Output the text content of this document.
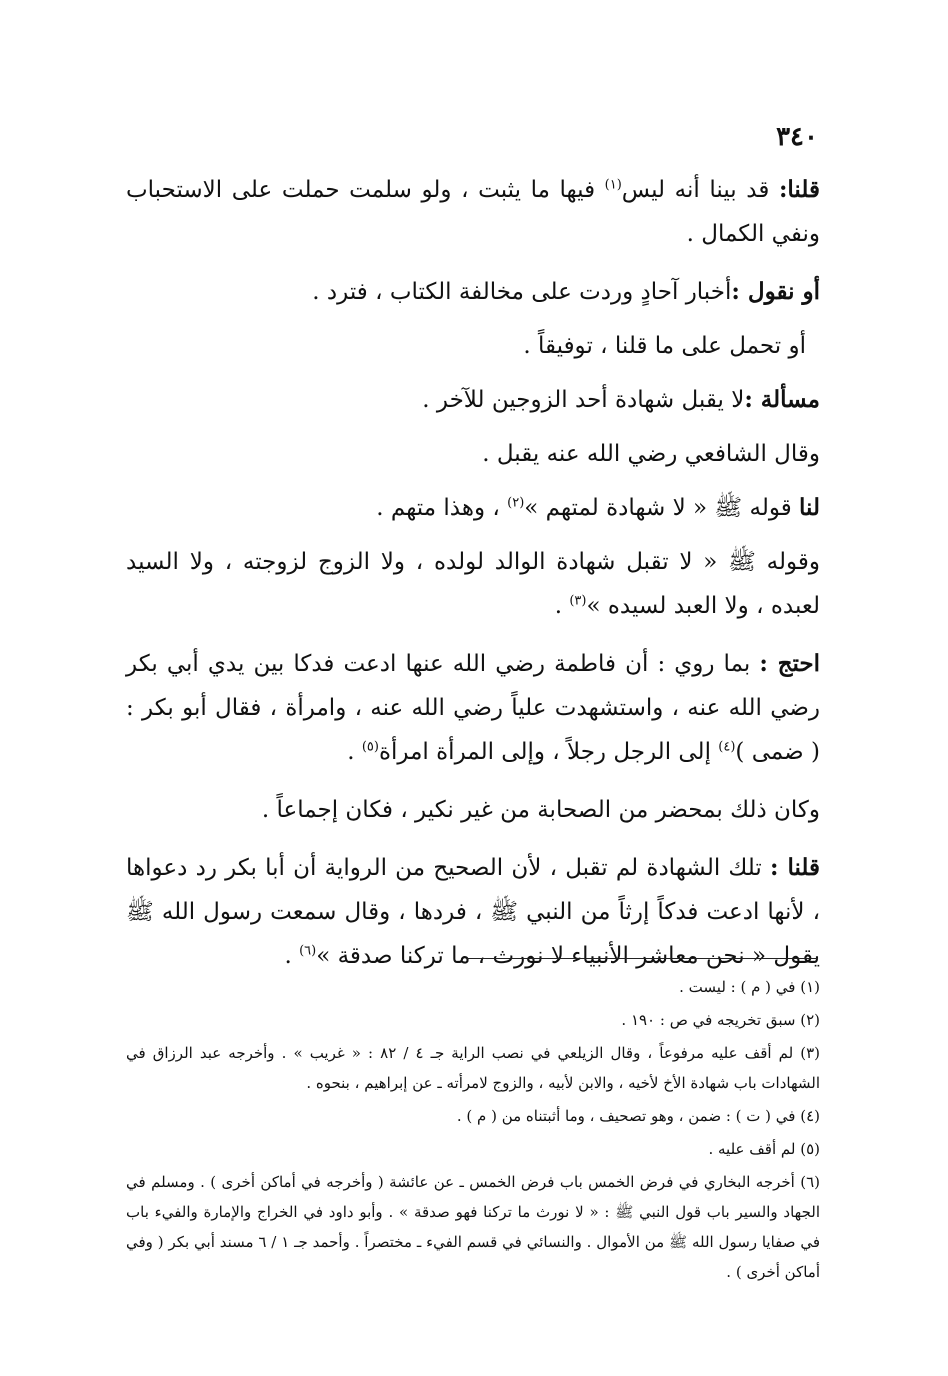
٣٤٠

قلنا: قد بينا أنه ليس$^{(١)}$ فيها ما يثبت ، ولو سلمت حملت على الاستحباب ونفي الكمال .

أو نقول :أخبار آحادٍ وردت على مخالفة الكتاب ، فترد .

أو تحمل على ما قلنا ، توفيقاً .

مسألة :لا يقبل شهادة أحد الزوجين للآخر .

وقال الشافعي رضي الله عنه يقبل .

لنا قوله ﷺ « لا شهادة لمتهم »$^{(٢)}$ ، وهذا متهم .

وقوله ﷺ « لا تقبل شهادة الوالد لولده ، ولا الزوج لزوجته ، ولا السيد لعبده ، ولا العبد لسيده »$^{(٣)}$ .

احتج : بما روي : أن فاطمة رضي الله عنها ادعت فدكا بين يدي أبي بكر رضي الله عنه ، واستشهدت علياً رضي الله عنه ، وامرأة ، فقال أبو بكر : ( ضمى )$^{(٤)}$ إلى الرجل رجلاً ، وإلى المرأة امرأة$^{(٥)}$ .

وكان ذلك بمحضر من الصحابة من غير نكير ، فكان إجماعاً .

قلنا : تلك الشهادة لم تقبل ، لأن الصحيح من الرواية أن أبا بكر رد دعواها ، لأنها ادعت فدكاً إرثاً من النبي ﷺ ، فردها ، وقال سمعت رسول الله ﷺ يقول « نحن معاشر الأنبياء لا نورث ، ما تركنا صدقة »$^{(٦)}$ .

(١) في ( م ) : ليست .

(٢) سبق تخريجه في ص : ١٩٠ .

(٣) لم أقف عليه مرفوعاً ، وقال الزيلعي في نصب الراية جـ ٤ / ٨٢ : « غريب » . وأخرجه عبد الرزاق في الشهادات باب شهادة الأخ لأخيه ، والابن لأبيه ، والزوج لامرأته ـ عن إبراهيم ، بنحوه .

(٤) في ( ت ) : ضمن ، وهو تصحيف ، وما أثبتناه من ( م ) .

(٥) لم أقف عليه .

(٦) أخرجه البخاري في فرض الخمس باب فرض الخمس ـ عن عائشة ( وأخرجه في أماكن أخرى ) . ومسلم في الجهاد والسير باب قول النبي ﷺ : « لا نورث ما تركنا فهو صدقة » . وأبو داود في الخراج والإمارة والفيء باب في صفايا رسول الله ﷺ من الأموال . والنسائي في قسم الفيء ـ مختصراً . وأحمد جـ ١ / ٦ مسند أبي بكر ( وفي أماكن أخرى ) .
